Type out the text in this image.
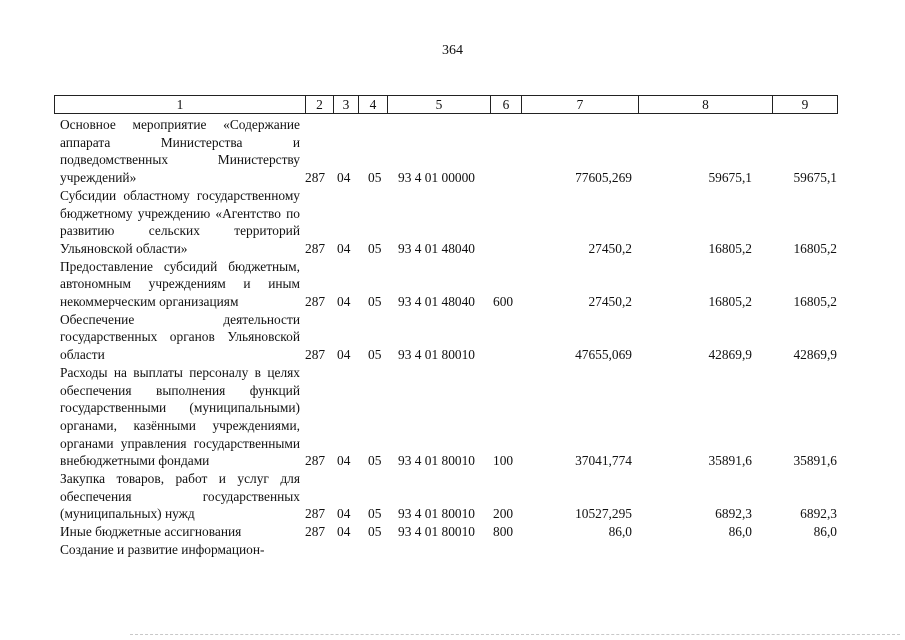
364
1	2	3	4	5	6	7	8	9
Основное мероприятие «Содержание аппарата Министерства и подведомственных Министерству учреждений»	287 04 05 93 4 01 00000	77605,269	59675,1	59675,1
Субсидии областному государственному бюджетному учреждению «Агентство по развитию сельских территорий Ульяновской области»	287 04 05 93 4 01 48040	27450,2	16805,2	16805,2
Предоставление субсидий бюджетным, автономным учреждениям и иным некоммерческим организациям	287 04 05 93 4 01 48040 600	27450,2	16805,2	16805,2
Обеспечение деятельности государственных органов Ульяновской области	287 04 05 93 4 01 80010	47655,069	42869,9	42869,9
Расходы на выплаты персоналу в целях обеспечения выполнения функций государственными (муниципальными) органами, казёнными учреждениями, органами управления государственными внебюджетными фондами	287 04 05 93 4 01 80010 100	37041,774	35891,6	35891,6
Закупка товаров, работ и услуг для обеспечения государственных (муниципальных) нужд	287 04 05 93 4 01 80010 200	10527,295	6892,3	6892,3
Иные бюджетные ассигнования	287 04 05 93 4 01 80010 800	86,0	86,0	86,0
Создание и развитие информацион-
